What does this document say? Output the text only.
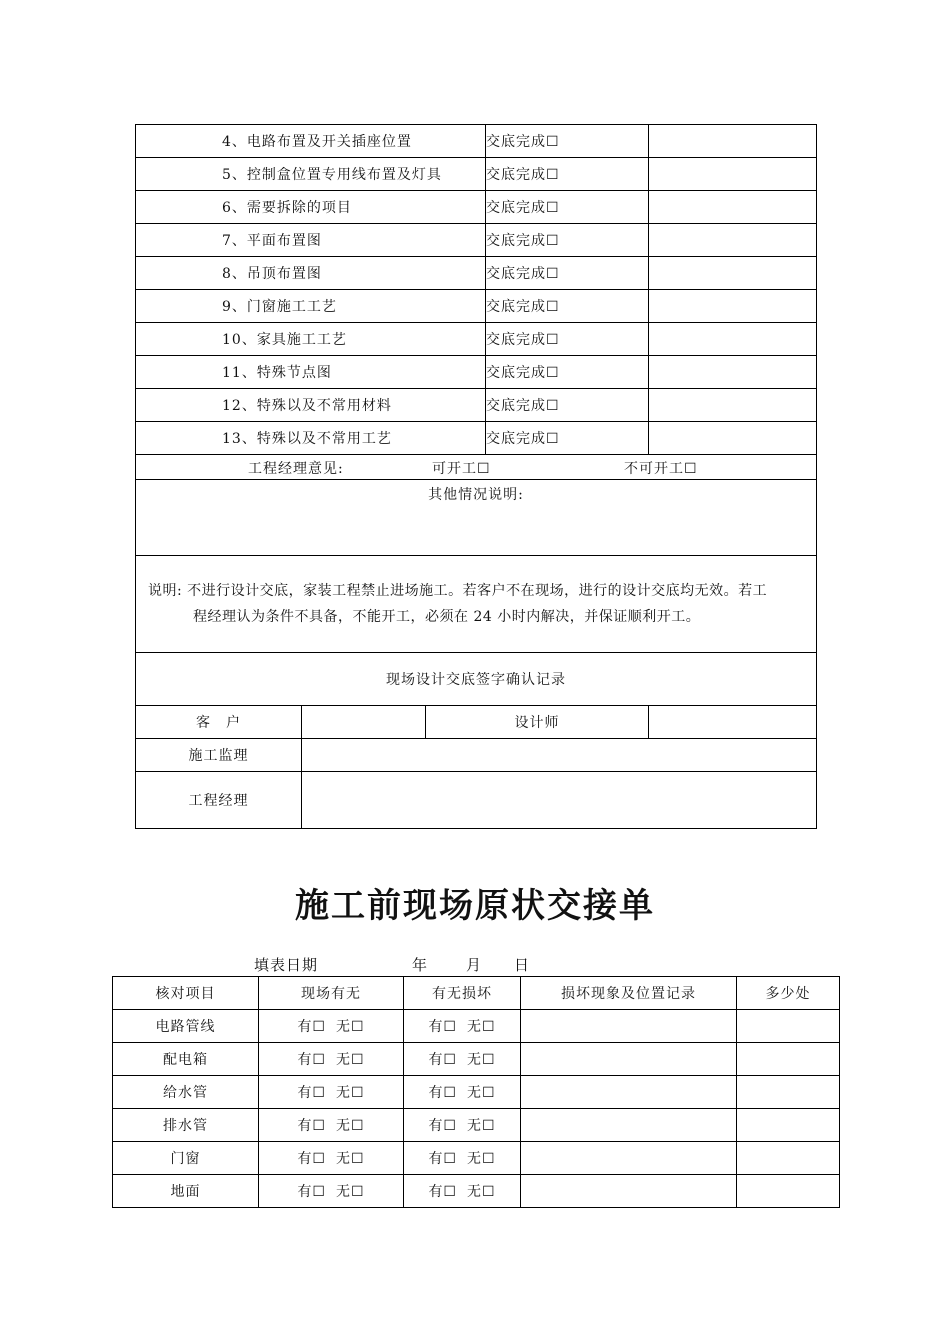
4、电路布置及开关插座位置			交底完成☐	
5、控制盒位置专用线布置及灯具			交底完成☐	
6、需要拆除的项目			交底完成☐	
7、平面布置图			交底完成☐	
8、吊顶布置图			交底完成☐	
9、门窗施工工艺			交底完成☐	
10、家具施工工艺			交底完成☐	
11、特殊节点图			交底完成☐	
12、特殊以及不常用材料			交底完成☐	
13、特殊以及不常用工艺			交底完成☐	

工程经理意见: 可开工☐ 不可开工☐				

其他情况说明:				

说明: 不进行设计交底，家装工程禁止进场施工。若客户不在现场，进行的设计交底均无效。若工
程经理认为条件不具备，不能开工，必须在 24 小时内解决，并保证顺利开工。				

现场设计交底签字确认记录				
客　户		设计师		
施工监理				
工程经理				
施工前现场原状交接单
填表日期	年	月 日
核对项目	现场有无	有无损坏	损坏现象及位置记录	多少处
电路管线	有☐ 无☐	有☐ 无☐		
配电箱	有☐ 无☐	有☐ 无☐		
给水管	有☐ 无☐	有☐ 无☐		
排水管	有☐ 无☐	有☐ 无☐		
门窗	有☐ 无☐	有☐ 无☐		
地面	有☐ 无☐	有☐ 无☐		
